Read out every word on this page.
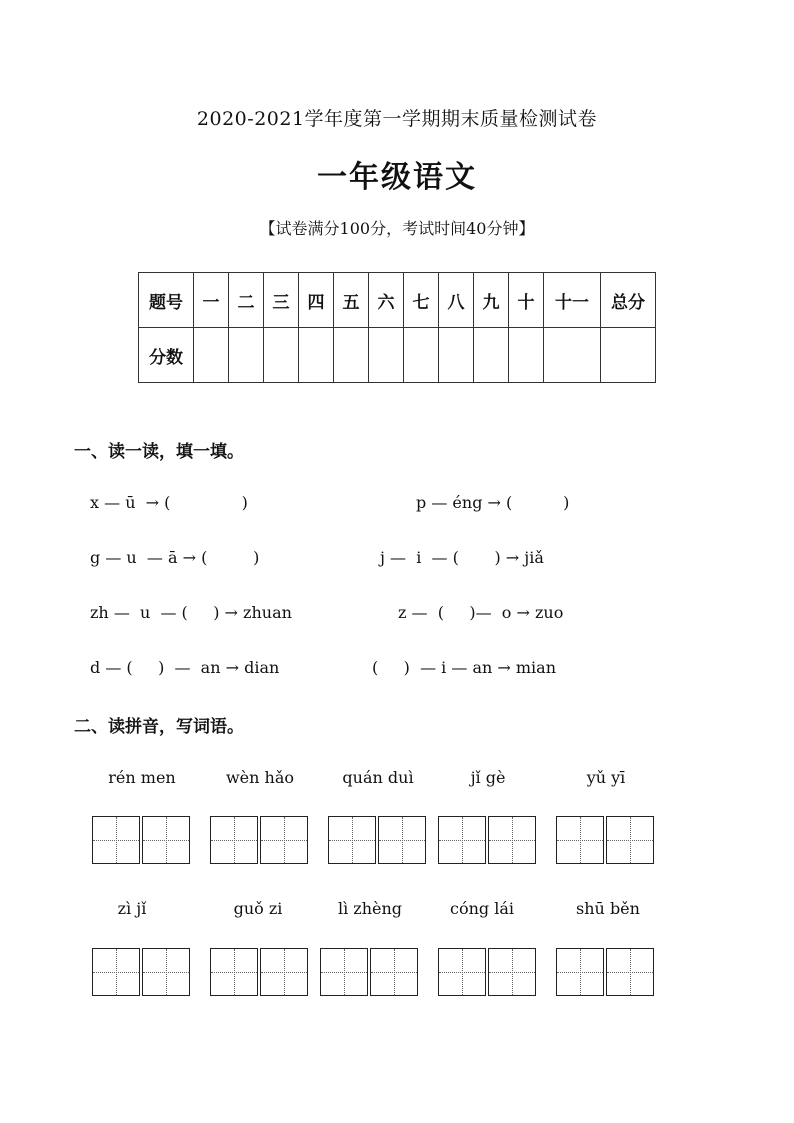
2020-2021学年度第一学期期末质量检测试卷
一年级语文
【试卷满分100分，考试时间40分钟】
题号	一	二	三	四	五	六	七	八	九	十	十一	总分
分数												
一、读一读，填一填。
x — ū  → (              )	p — éng → (          )
g — u  — ā → (         )	j —  i  — (       ) → jiǎ
zh —  u  — (     ) → zhuan	z —  (     )—  o → zuo
d — (     )  —  an → dian	(     )  — i — an → mian
二、读拼音，写词语。
rén men	wèn hǎo	quán duì	jǐ gè	yǔ yī
zì jǐ	guǒ zi	lì zhèng	cóng lái	shū běn
